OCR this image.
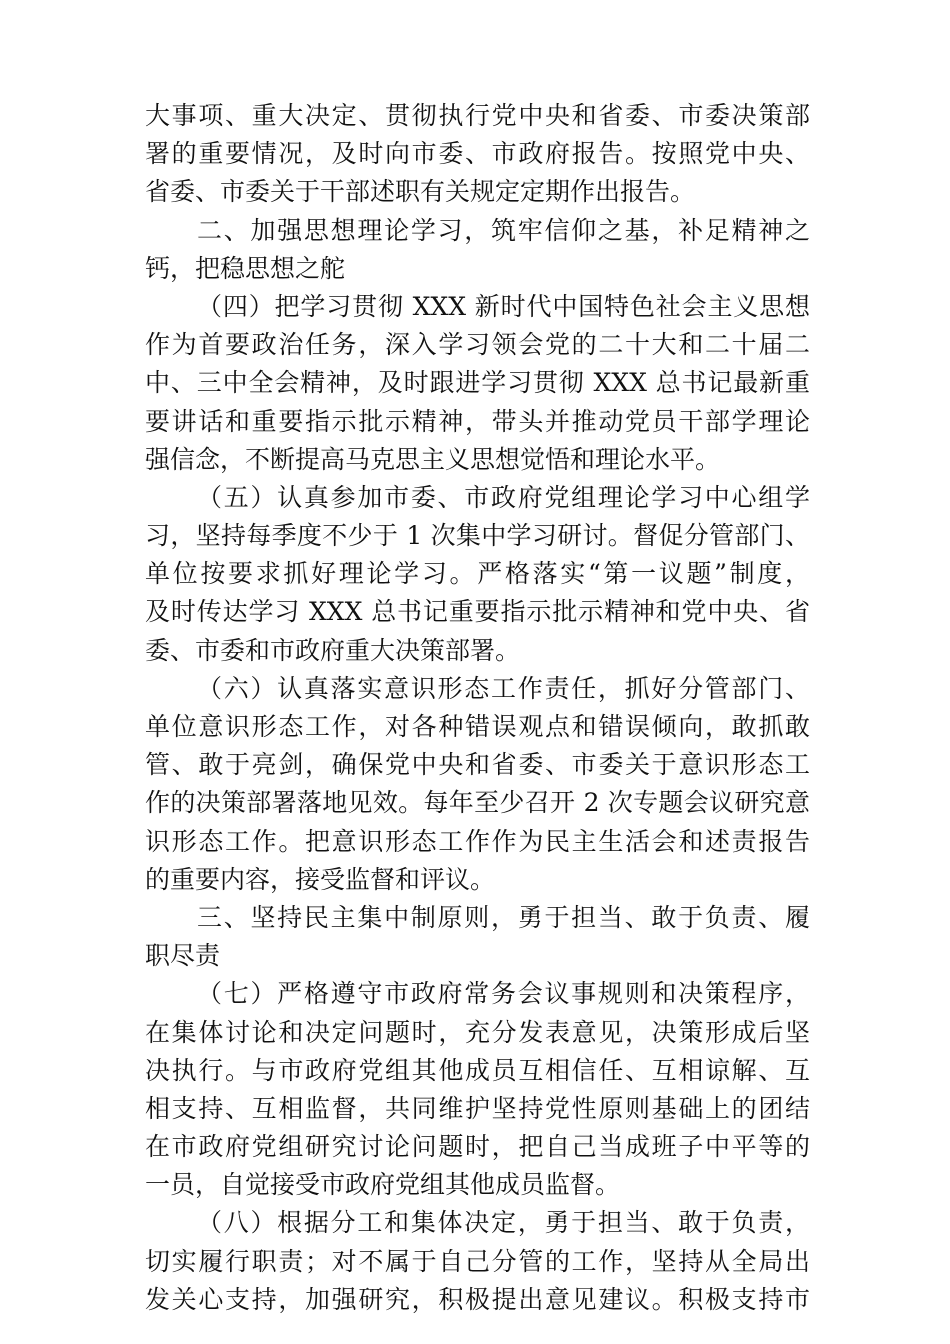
大事项、重大决定、贯彻执行党中央和省委、市委决策部
署的重要情况，及时向市委、市政府报告。按照党中央、
省委、市委关于干部述职有关规定定期作出报告。
二、加强思想理论学习，筑牢信仰之基，补足精神之
钙，把稳思想之舵
（四）把学习贯彻 XXX 新时代中国特色社会主义思想
作为首要政治任务，深入学习领会党的二十大和二十届二
中、三中全会精神，及时跟进学习贯彻 XXX 总书记最新重
要讲话和重要指示批示精神，带头并推动党员干部学理论
强信念，不断提高马克思主义思想觉悟和理论水平。
（五）认真参加市委、市政府党组理论学习中心组学
习，坚持每季度不少于 1 次集中学习研讨。督促分管部门、
单位按要求抓好理论学习。严格落实“第一议题”制度，
及时传达学习 XXX 总书记重要指示批示精神和党中央、省
委、市委和市政府重大决策部署。
（六）认真落实意识形态工作责任，抓好分管部门、
单位意识形态工作，对各种错误观点和错误倾向，敢抓敢
管、敢于亮剑，确保党中央和省委、市委关于意识形态工
作的决策部署落地见效。每年至少召开 2 次专题会议研究意
识形态工作。把意识形态工作作为民主生活会和述责报告
的重要内容，接受监督和评议。
三、坚持民主集中制原则，勇于担当、敢于负责、履
职尽责
（七）严格遵守市政府常务会议事规则和决策程序，
在集体讨论和决定问题时，充分发表意见，决策形成后坚
决执行。与市政府党组其他成员互相信任、互相谅解、互
相支持、互相监督，共同维护坚持党性原则基础上的团结
在市政府党组研究讨论问题时，把自己当成班子中平等的
一员，自觉接受市政府党组其他成员监督。
（八）根据分工和集体决定，勇于担当、敢于负责，
切实履行职责；对不属于自己分管的工作，坚持从全局出
发关心支持，加强研究，积极提出意见建议。积极支持市
